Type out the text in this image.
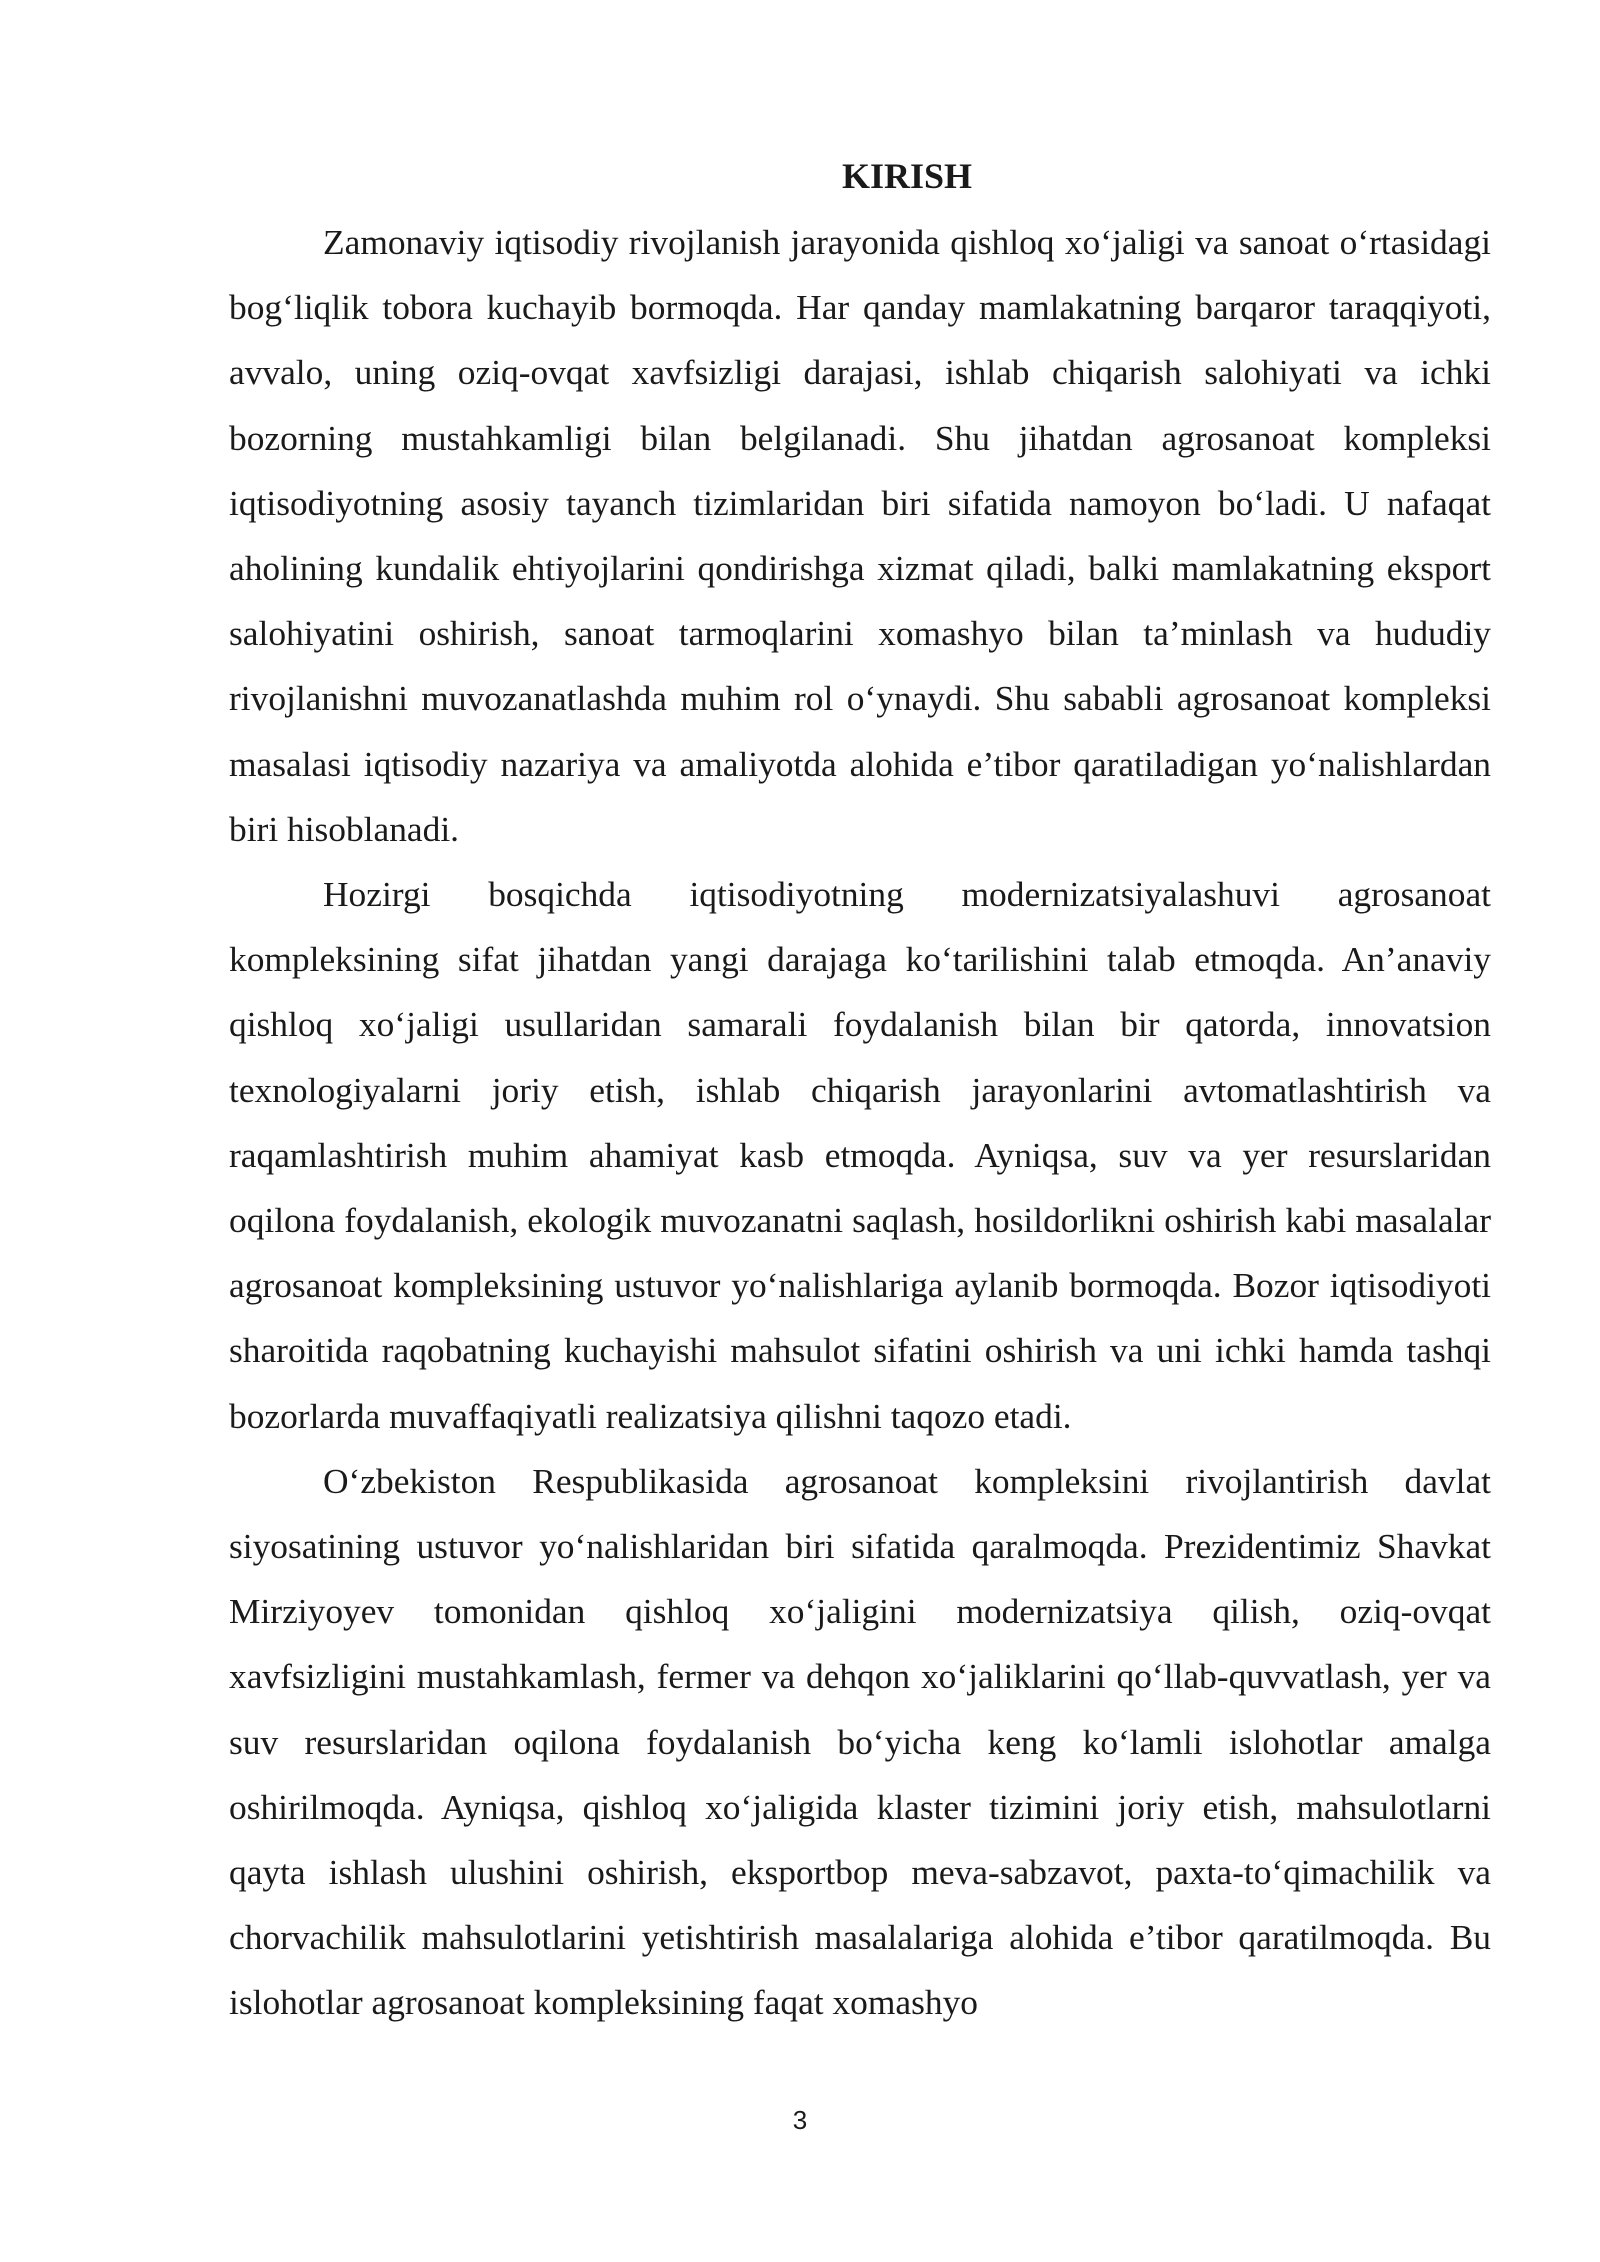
KIRISH

Zamonaviy iqtisodiy rivojlanish jarayonida qishloq xo‘jaligi va sanoat o‘rtasidagi bog‘liqlik tobora kuchayib bormoqda. Har qanday mamlakatning barqaror taraqqiyoti, avvalo, uning oziq-ovqat xavfsizligi darajasi, ishlab chiqarish salohiyati va ichki bozorning mustahkamligi bilan belgilanadi. Shu jihatdan agrosanoat kompleksi iqtisodiyotning asosiy tayanch tizimlaridan biri sifatida namoyon bo‘ladi. U nafaqat aholining kundalik ehtiyojlarini qondirishga xizmat qiladi, balki mamlakatning eksport salohiyatini oshirish, sanoat tarmoqlarini xomashyo bilan ta’minlash va hududiy rivojlanishni muvozanatlashda muhim rol o‘ynaydi. Shu sababli agrosanoat kompleksi masalasi iqtisodiy nazariya va amaliyotda alohida e’tibor qaratiladigan yo‘nalishlardan biri hisoblanadi.

Hozirgi bosqichda iqtisodiyotning modernizatsiyalashuvi agrosanoat kompleksining sifat jihatdan yangi darajaga ko‘tarilishini talab etmoqda. An’anaviy qishloq xo‘jaligi usullaridan samarali foydalanish bilan bir qatorda, innovatsion texnologiyalarni joriy etish, ishlab chiqarish jarayonlarini avtomatlashtirish va raqamlashtirish muhim ahamiyat kasb etmoqda. Ayniqsa, suv va yer resurslaridan oqilona foydalanish, ekologik muvozanatni saqlash, hosildorlikni oshirish kabi masalalar agrosanoat kompleksining ustuvor yo‘nalishlariga aylanib bormoqda. Bozor iqtisodiyoti sharoitida raqobatning kuchayishi mahsulot sifatini oshirish va uni ichki hamda tashqi bozorlarda muvaffaqiyatli realizatsiya qilishni taqozo etadi.

O‘zbekiston Respublikasida agrosanoat kompleksini rivojlantirish davlat siyosatining ustuvor yo‘nalishlaridan biri sifatida qaralmoqda. Prezidentimiz Shavkat Mirziyoyev tomonidan qishloq xo‘jaligini modernizatsiya qilish, oziq-ovqat xavfsizligini mustahkamlash, fermer va dehqon xo‘jaliklarini qo‘llab-quvvatlash, yer va suv resurslaridan oqilona foydalanish bo‘yicha keng ko‘lamli islohotlar amalga oshirilmoqda. Ayniqsa, qishloq xo‘jaligida klaster tizimini joriy etish, mahsulotlarni qayta ishlash ulushini oshirish, eksportbop meva-sabzavot, paxta-to‘qimachilik va chorvachilik mahsulotlarini yetishtirish masalalariga alohida e’tibor qaratilmoqda. Bu islohotlar agrosanoat kompleksining faqat xomashyo

3
